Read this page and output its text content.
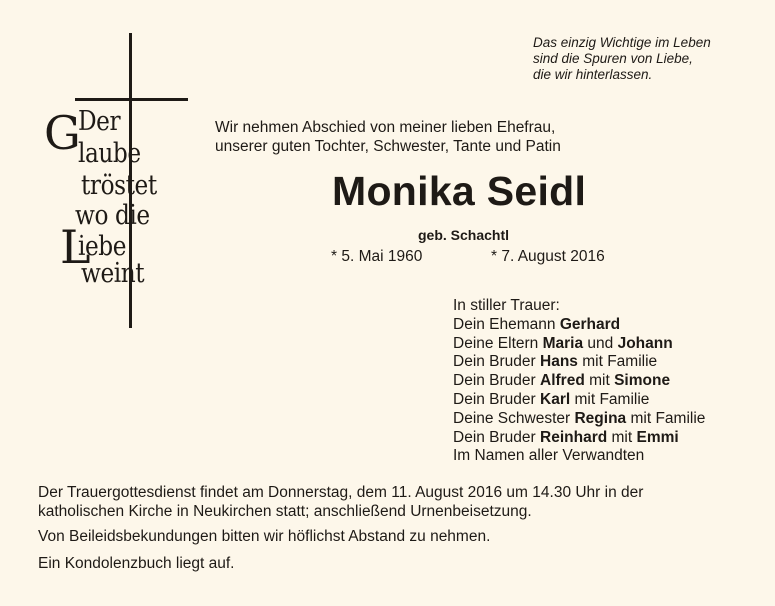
G
Der
laube
tröstet
wo die
L
iebe
weint
Das einzig Wichtige im Leben
sind die Spuren von Liebe,
die wir hinterlassen.
Wir nehmen Abschied von meiner lieben Ehefrau,
unserer guten Tochter, Schwester, Tante und Patin
Monika Seidl
geb. Schachtl
* 5. Mai 1960	* 7. August 2016
In stiller Trauer:
Dein Ehemann Gerhard
Deine Eltern Maria und Johann
Dein Bruder Hans mit Familie
Dein Bruder Alfred mit Simone
Dein Bruder Karl mit Familie
Deine Schwester Regina mit Familie
Dein Bruder Reinhard mit Emmi
Im Namen aller Verwandten
Der Trauergottesdienst findet am Donnerstag, dem 11. August 2016 um 14.30 Uhr in der
katholischen Kirche in Neukirchen statt; anschließend Urnenbeisetzung.
Von Beileidsbekundungen bitten wir höflichst Abstand zu nehmen.
Ein Kondolenzbuch liegt auf.
